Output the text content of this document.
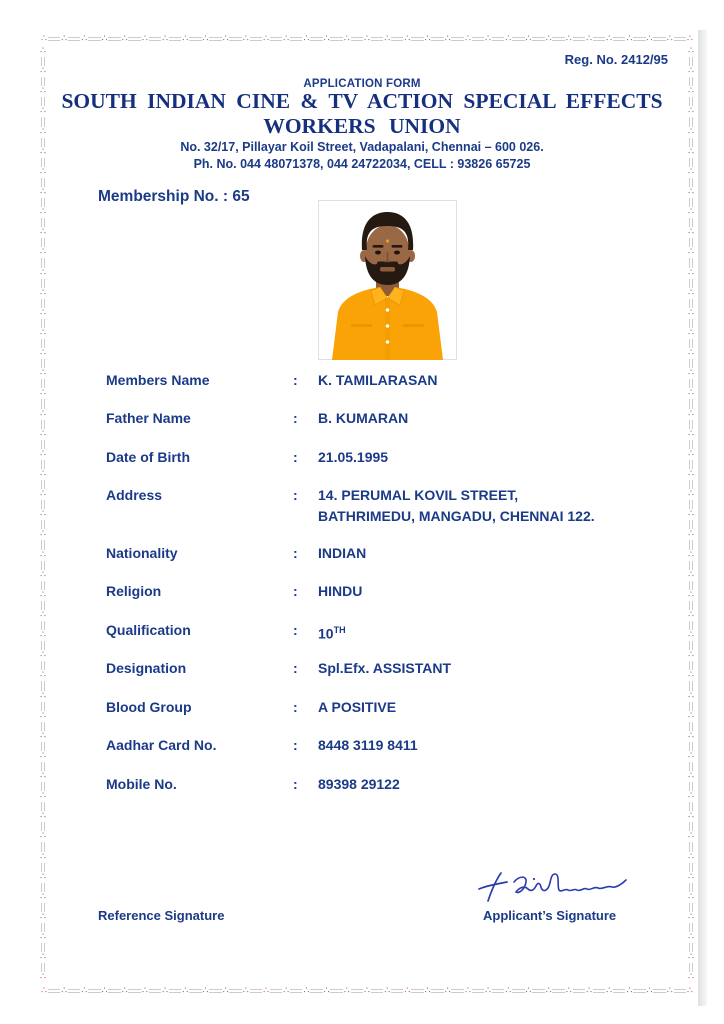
∴ ∴ ∴ ∴ ∴ ∴ ∴ ∴ ∴ ∴ ∴ ∴ ∴ ∴ ∴ ∴ ∴ ∴ ∴ ∴ ∴ ∴ ∴ ∴ ∴ ∴ ∴ ∴ ∴ ∴ ∴ ∴ ∴
∴ ∴ ∴ ∴ ∴ ∴ ∴ ∴ ∴ ∴ ∴ ∴ ∴ ∴ ∴ ∴ ∴ ∴ ∴ ∴ ∴ ∴ ∴ ∴ ∴ ∴ ∴ ∴ ∴ ∴ ∴ ∴ ∴
∴
∴
∴
∴
∴
∴
∴
∴
∴
∴
∴
∴
∴
∴
∴
∴
∴
∴
∴
∴
∴
∴
∴
∴
∴
∴
∴
∴
∴
∴
∴
∴
∴
∴
∴
∴
∴
∴
∴
∴
∴
∴
∴
∴
∴
∴
∴
∴
∴
∴
∴
∴
∴
∴
∴
∴
∴
∴
∴
∴
∴
∴
∴
∴
∴
∴
∴
∴
∴
∴
∴
∴
∴
∴
∴
∴
∴
∴
∴
∴
∴
∴
∴
∴
∴
∴
∴
∴
∴
∴
∴
∴
∴
∴
Reg. No. 2412/95
APPLICATION FORM
SOUTH INDIAN CINE & TV ACTION SPECIAL EFFECTS
WORKERS UNION
No. 32/17, Pillayar Koil Street, Vadapalani, Chennai – 600 026.
Ph. No. 044 48071378, 044 24722034, CELL : 93826 65725
Membership No. : 65
Members Name	:	K. TAMILARASAN
Father Name	:	B. KUMARAN
Date of Birth	:	21.05.1995
Address	:	14. PERUMAL KOVIL STREET,
BATHRIMEDU, MANGADU, CHENNAI 122.
Nationality	:	INDIAN
Religion	:	HINDU
Qualification	:	10TH
Designation	:	Spl.Efx. ASSISTANT
Blood Group	:	A POSITIVE
Aadhar Card No.	:	8448 3119 8411
Mobile No.	:	89398 29122
Reference Signature	Applicant’s Signature
